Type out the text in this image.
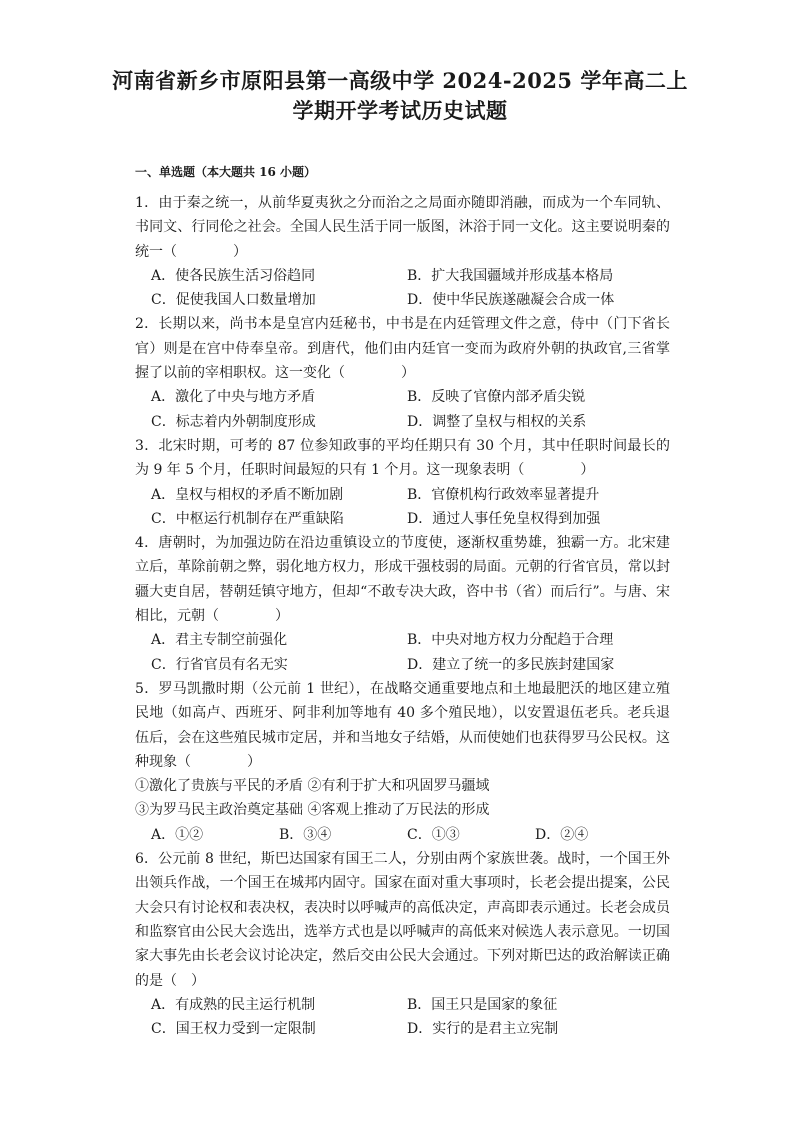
河南省新乡市原阳县第一高级中学 2024-2025 学年高二上
学期开学考试历史试题
一、单选题（本大题共 16 小题）
1．由于秦之统一，从前华夏夷狄之分而治之之局面亦随即消融，而成为一个车同轨、书同文、行同伦之社会。全国人民生活于同一版图，沐浴于同一文化。这主要说明秦的统一（　　　　）
A．使各民族生活习俗趋同	B．扩大我国疆域并形成基本格局
C．促使我国人口数量增加	D．使中华民族遂融凝会合成一体
2．长期以来，尚书本是皇宫内廷秘书，中书是在内廷管理文件之意，侍中（门下省长官）则是在宫中侍奉皇帝。到唐代，他们由内廷官一变而为政府外朝的执政官,三省掌握了以前的宰相职权。这一变化（　　　　）
A．激化了中央与地方矛盾	B．反映了官僚内部矛盾尖锐
C．标志着内外朝制度形成	D．调整了皇权与相权的关系
3．北宋时期，可考的 87 位参知政事的平均任期只有 30 个月，其中任职时间最长的为 9 年 5 个月，任职时间最短的只有 1 个月。这一现象表明（　　　　）
A．皇权与相权的矛盾不断加剧	B．官僚机构行政效率显著提升
C．中枢运行机制存在严重缺陷	D．通过人事任免皇权得到加强
4．唐朝时，为加强边防在沿边重镇设立的节度使，逐渐权重势雄，独霸一方。北宋建立后，革除前朝之弊，弱化地方权力，形成干强枝弱的局面。元朝的行省官员，常以封疆大吏自居，替朝廷镇守地方，但却“不敢专决大政，咨中书（省）而后行”。与唐、宋相比，元朝（　　　　）
A．君主专制空前强化	B．中央对地方权力分配趋于合理
C．行省官员有名无实	D．建立了统一的多民族封建国家
5．罗马凯撒时期（公元前 1 世纪），在战略交通重要地点和土地最肥沃的地区建立殖民地（如高卢、西班牙、阿非利加等地有 40 多个殖民地），以安置退伍老兵。老兵退伍后，会在这些殖民城市定居，并和当地女子结婚，从而使她们也获得罗马公民权。这种现象（　　　　）
①激化了贵族与平民的矛盾 ②有利于扩大和巩固罗马疆域
③为罗马民主政治奠定基础 ④客观上推动了万民法的形成
A．①②	B．③④	C．①③	D．②④
6．公元前 8 世纪，斯巴达国家有国王二人，分别由两个家族世袭。战时，一个国王外出领兵作战，一个国王在城邦内固守。国家在面对重大事项时，长老会提出提案，公民大会只有讨论权和表决权，表决时以呼喊声的高低决定，声高即表示通过。长老会成员和监察官由公民大会选出，选举方式也是以呼喊声的高低来对候选人表示意见。一切国家大事先由长老会议讨论决定，然后交由公民大会通过。下列对斯巴达的政治解读正确的是（　）
A．有成熟的民主运行机制	B．国王只是国家的象征
C．国王权力受到一定限制	D．实行的是君主立宪制
